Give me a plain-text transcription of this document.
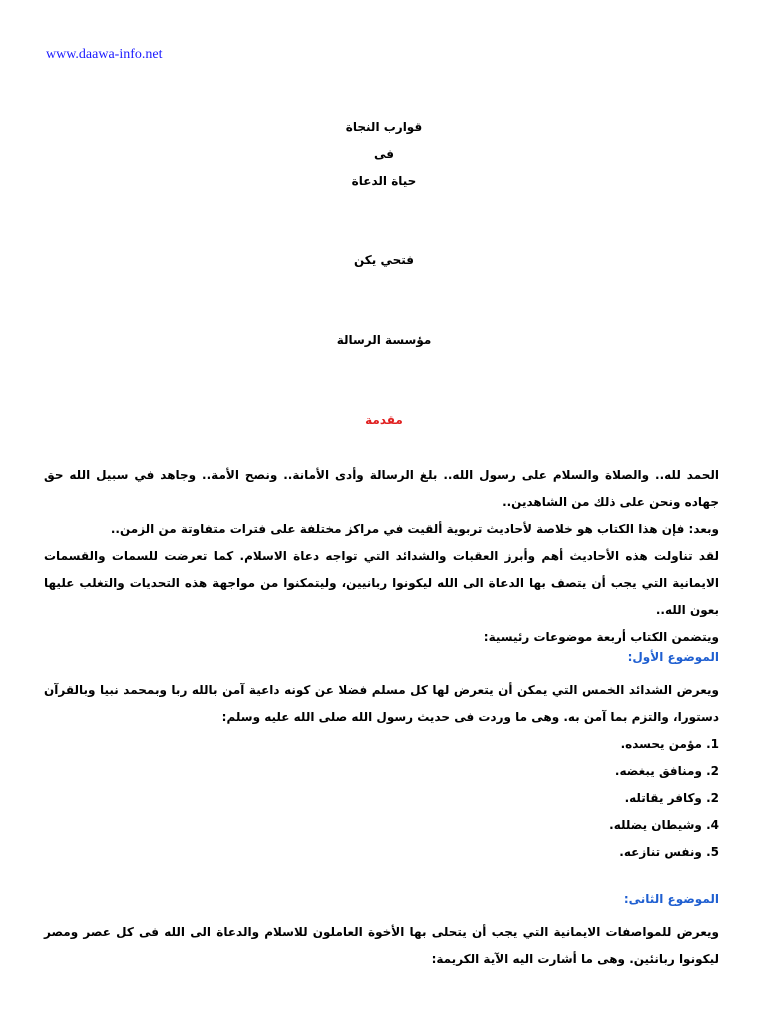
www.daawa-info.net
قوارب النجاة
فى
حياة الدعاة
فتحي يكن
مؤسسة الرسالة
مقدمة

الحمد لله.. والصلاة والسلام على رسول الله.. بلغ الرسالة وأدى الأمانة.. ونصح الأمة.. وجاهد في سبيل الله حق جهاده ونحن على ذلك من الشاهدين..

وبعد: فإن هذا الكتاب هو خلاصة لأحاديث تربوية ألقيت في مراكز مختلفة على فترات متفاوتة من الزمن..

لقد تناولت هذه الأحاديث أهم وأبرز العقبات والشدائد التي تواجه دعاة الاسلام. كما تعرضت للسمات والقسمات الايمانية التي يجب أن يتصف بها الدعاة الى الله ليكونوا ربانيين، وليتمكنوا من مواجهة هذه التحديات والتغلب عليها بعون الله..

ويتضمن الكتاب أربعة موضوعات رئيسية:

الموضوع الأول:

ويعرض الشدائد الخمس التي يمكن أن يتعرض لها كل مسلم فضلا عن كونه داعية آمن بالله ربا وبمحمد نبيا وبالقرآن دستورا، والتزم بما آمن به. وهى ما وردت فى حديث رسول الله صلى الله عليه وسلم:

1. مؤمن يحسده.
2. ومنافق يبغضه.
2. وكافر يقاتله.
4. وشيطان يضلله.
5. ونفس تنازعه.
الموضوع الثانى:

ويعرض للمواصفات الايمانية التي يجب أن يتحلى بها الأخوة العاملون للاسلام والدعاة الى الله فى كل عصر ومصر ليكونوا ربانئين. وهى ما أشارت اليه الآية الكريمة:
